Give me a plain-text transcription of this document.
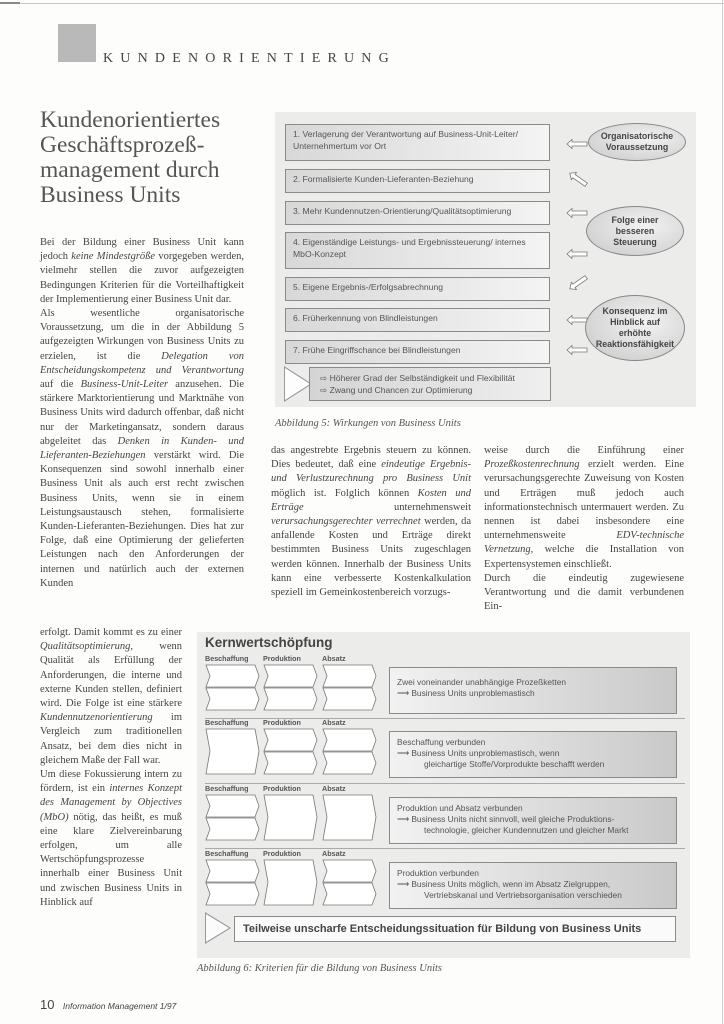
KUNDENORIENTIERUNG
Kundenorientiertes
Geschäftsprozeß-
management durch
Business Units

Bei der Bildung einer Business Unit kann jedoch keine Mindestgröße vorgegeben werden, vielmehr stellen die zuvor aufgezeigten Bedingungen Kriterien für die Vorteilhaftigkeit der Implementierung einer Business Unit dar.

Als wesentliche organisatorische Voraussetzung, um die in der Abbildung 5 aufgezeigten Wirkungen von Business Units zu erzielen, ist die Delegation von Entscheidungskompetenz und Verantwortung auf die Business-Unit-Leiter anzusehen. Die stärkere Marktorientierung und Marktnähe von Business Units wird dadurch offenbar, daß nicht nur der Marketingansatz, sondern daraus abgeleitet das Denken in Kunden- und Lieferanten-Beziehungen verstärkt wird. Die Konsequenzen sind sowohl innerhalb einer Business Unit als auch erst recht zwischen Business Units, wenn sie in einem Leistungsaustausch stehen, formalisierte Kunden-Lieferanten-Beziehungen. Dies hat zur Folge, daß eine Optimierung der gelieferten Leistungen nach den Anforderungen der internen und natürlich auch der externen Kunden

erfolgt. Damit kommt es zu einer Qualitätsoptimierung, wenn Qualität als Erfüllung der Anforderungen, die interne und externe Kunden stellen, definiert wird. Die Folge ist eine stärkere Kundennutzenorientierung im Vergleich zum traditionellen Ansatz, bei dem dies nicht in gleichem Maße der Fall war.

Um diese Fokussierung intern zu fördern, ist ein internes Konzept des Management by Objectives (MbO) nötig, das heißt, es muß eine klare Zielvereinbarung erfolgen, um alle Wertschöpfungsprozesse innerhalb einer Business Unit und zwischen Business Units in Hinblick auf

das angestrebte Ergebnis steuern zu können. Dies bedeutet, daß eine eindeutige Ergebnis- und Verlustzurechnung pro Business Unit möglich ist. Folglich können Kosten und Erträge unternehmensweit verursachungsgerechter verrechnet werden, da anfallende Kosten und Erträge direkt bestimmten Business Units zugeschlagen werden können. Innerhalb der Business Units kann eine verbesserte Kostenkalkulation speziell im Gemeinkostenbereich vorzugs-

weise durch die Einführung einer Prozeßkostenrechnung erzielt werden. Eine verursachungsgerechte Zuweisung von Kosten und Erträgen muß jedoch auch informationstechnisch untermauert werden. Zu nennen ist dabei insbesondere eine unternehmensweite EDV-technische Vernetzung, welche die Installation von Expertensystemen einschließt.

Durch die eindeutig zugewiesene Verantwortung und die damit verbundenen Ein-

1. Verlagerung der Verantwortung auf Business-Unit-Leiter/ Unternehmertum vor Ort
2. Formalisierte Kunden-Lieferanten-Beziehung
3. Mehr Kundennutzen-Orientierung/Qualitätsoptimierung
4. Eigenständige Leistungs- und Ergebnissteuerung/ internes MbO-Konzept
5. Eigene Ergebnis-/Erfolgsabrechnung
6. Früherkennung von Blindleistungen
7. Frühe Eingriffschance bei Blindleistungen
Organisatorische Voraussetzung
Folge einer besseren Steuerung
Konsequenz im Hinblick auf erhöhte Reaktionsfähigkeit
⇨ Höherer Grad der Selbständigkeit und Flexibilität
⇨ Zwang und Chancen zur Optimierung
Abbildung 5: Wirkungen von Business Units
Kernwertschöpfung
Beschaffung Produktion	Absatz
Zwei voneinander unabhängige Prozeßketten
⟶ Business Units unproblemastisch
Beschaffung Produktion	Absatz
Beschaffung verbunden
⟶ Business Units unproblemastisch, wenn
gleichartige Stoffe/Vorprodukte beschafft werden
Beschaffung Produktion	Absatz
Produktion und Absatz verbunden
⟶ Business Units nicht sinnvoll, weil gleiche Produktions-
technologie, gleicher Kundennutzen und gleicher Markt
Beschaffung Produktion	Absatz
Produktion verbunden
⟶ Business Units möglich, wenn im Absatz Zielgruppen,
Vertriebskanal und Vertriebsorganisation verschieden
Teilweise unscharfe Entscheidungssituation für Bildung von Business Units
Abbildung 6: Kriterien für die Bildung von Business Units
10 Information Management 1/97
